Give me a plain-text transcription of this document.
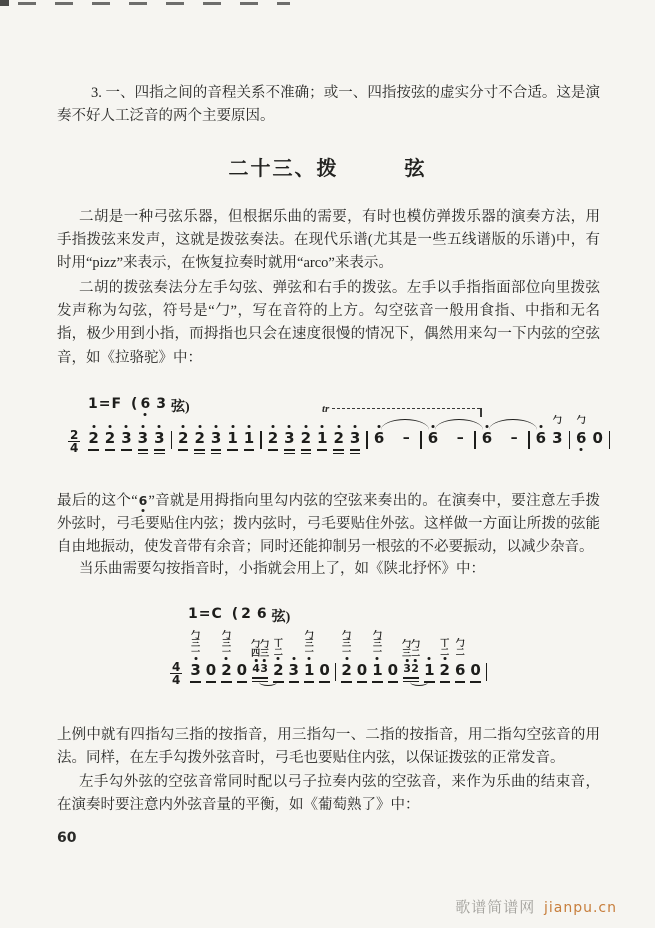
3. 一、四指之间的音程关系不准确；或一、四指按弦的虚实分寸不合适。这是演奏不好人工泛音的两个主要原因。

二十三、拨　　　弦

二胡是一种弓弦乐器，但根据乐曲的需要，有时也模仿弹拨乐器的演奏方法，用手指拨弦来发声，这就是拨弦奏法。在现代乐谱(尤其是一些五线谱版的乐谱)中，有时用“pizz”来表示，在恢复拉奏时就用“arco”来表示。

二胡的拨弦奏法分左手勾弦、弹弦和右手的拨弦。左手以手指指面部位向里拨弦发声称为勾弦，符号是“勹”，写在音符的上方。勾空弦音一般用食指、中指和无名指，极少用到小指，而拇指也只会在速度很慢的情况下，偶然用来勾一下内弦的空弦音，如《拉骆驼》中：

1=F ( 6 3 弦)	tr
2
4
2 2 3 3 3 2 2 3 1 1 2 3 2 1 2 3 6	–	6	–	6	–	6
勹
3
勹
6 0

最后的这个“6”音就是用拇指向里勾内弦的空弦来奏出的。在演奏中，要注意左手拨外弦时，弓毛要贴住内弦；拨内弦时，弓毛要贴住外弦。这样做一方面让所拨的弦能自由地振动，使发音带有余音；同时还能抑制另一根弦的不必要振动，以减少杂音。

当乐曲需要勾按指音时，小指就会用上了，如《陕北抒怀》中：

1=C ( 2 6 弦)
4
4
勹
三
一
3 0
勹
三
一
2 0
勹勹
四三
4 3
丅
二
2 3
勹
三
一
1 0
勹
三
一
2 0
勹
三
一
1 0
勹勹
三二
3 2 1
丅
二
2
勹
二
6 0

上例中就有四指勾三指的按指音，用三指勾一、二指的按指音，用二指勾空弦音的用法。同样，在左手勾拨外弦音时，弓毛也要贴住内弦，以保证拨弦的正常发音。

左手勾外弦的空弦音常同时配以弓子拉奏内弦的空弦音，来作为乐曲的结束音，在演奏时要注意内外弦音量的平衡，如《葡萄熟了》中：

60
歌谱简谱网 jianpu.cn
